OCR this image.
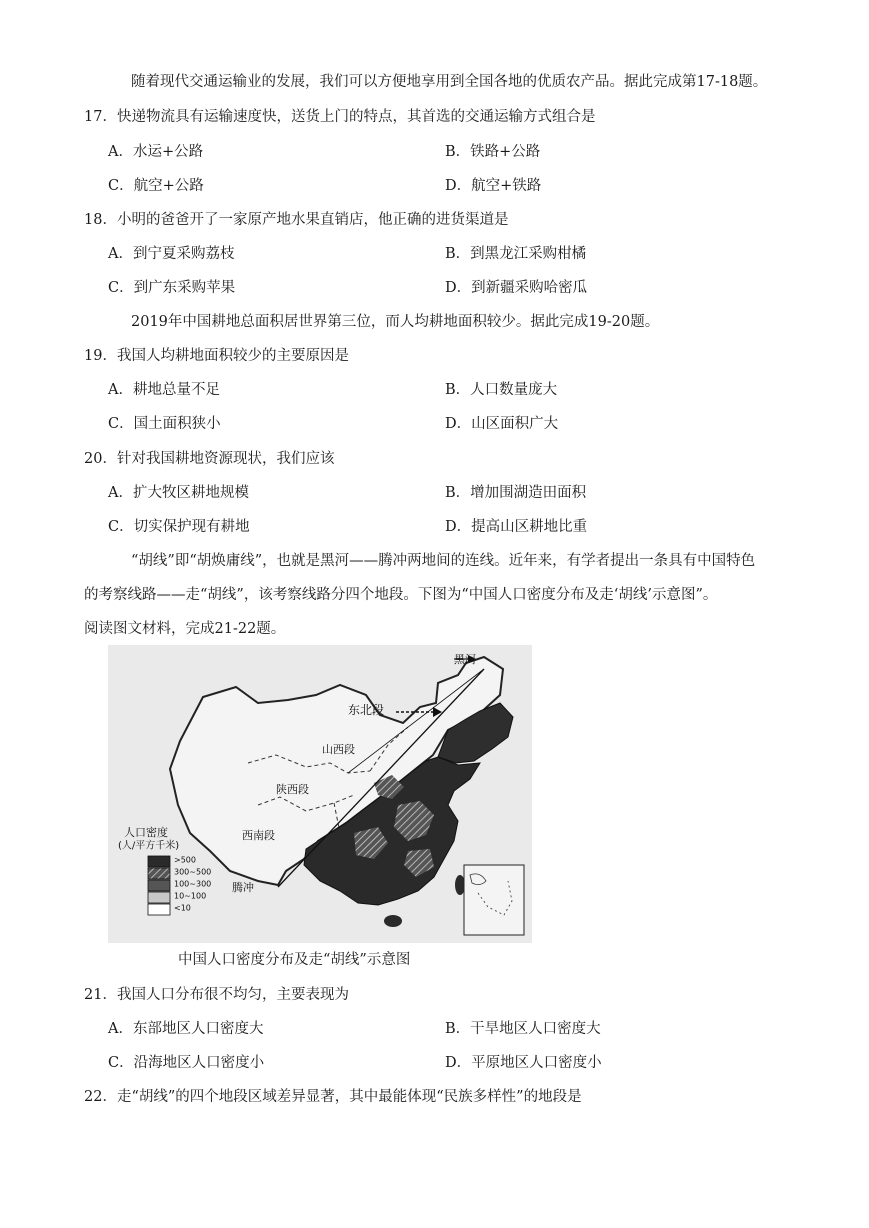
随着现代交通运输业的发展，我们可以方便地享用到全国各地的优质农产品。据此完成第17-18题。
17．快递物流具有运输速度快，送货上门的特点，其首选的交通运输方式组合是
A．水运+公路	B．铁路+公路
C．航空+公路	D．航空+铁路
18．小明的爸爸开了一家原产地水果直销店，他正确的进货渠道是
A．到宁夏采购荔枝	B．到黑龙江采购柑橘
C．到广东采购苹果	D．到新疆采购哈密瓜
2019年中国耕地总面积居世界第三位，而人均耕地面积较少。据此完成19-20题。
19．我国人均耕地面积较少的主要原因是
A．耕地总量不足	B．人口数量庞大
C．国土面积狭小	D．山区面积广大
20．针对我国耕地资源现状，我们应该
A．扩大牧区耕地规模	B．增加围湖造田面积
C．切实保护现有耕地	D．提高山区耕地比重
“胡线”即“胡焕庸线”，也就是黑河——腾冲两地间的连线。近年来，有学者提出一条具有中国特色
的考察线路——走“胡线”，该考察线路分四个地段。下图为“中国人口密度分布及走‘胡线’示意图”。
阅读图文材料，完成21-22题。
黑河
东北段
山西段
陕西段
西南段
腾冲
人口密度
(人/平方千米)
>500
300~500
100~300
10~100
<10
中国人口密度分布及走“胡线”示意图
21．我国人口分布很不均匀，主要表现为
A．东部地区人口密度大	B．干旱地区人口密度大
C．沿海地区人口密度小	D．平原地区人口密度小
22．走“胡线”的四个地段区域差异显著，其中最能体现“民族多样性”的地段是
